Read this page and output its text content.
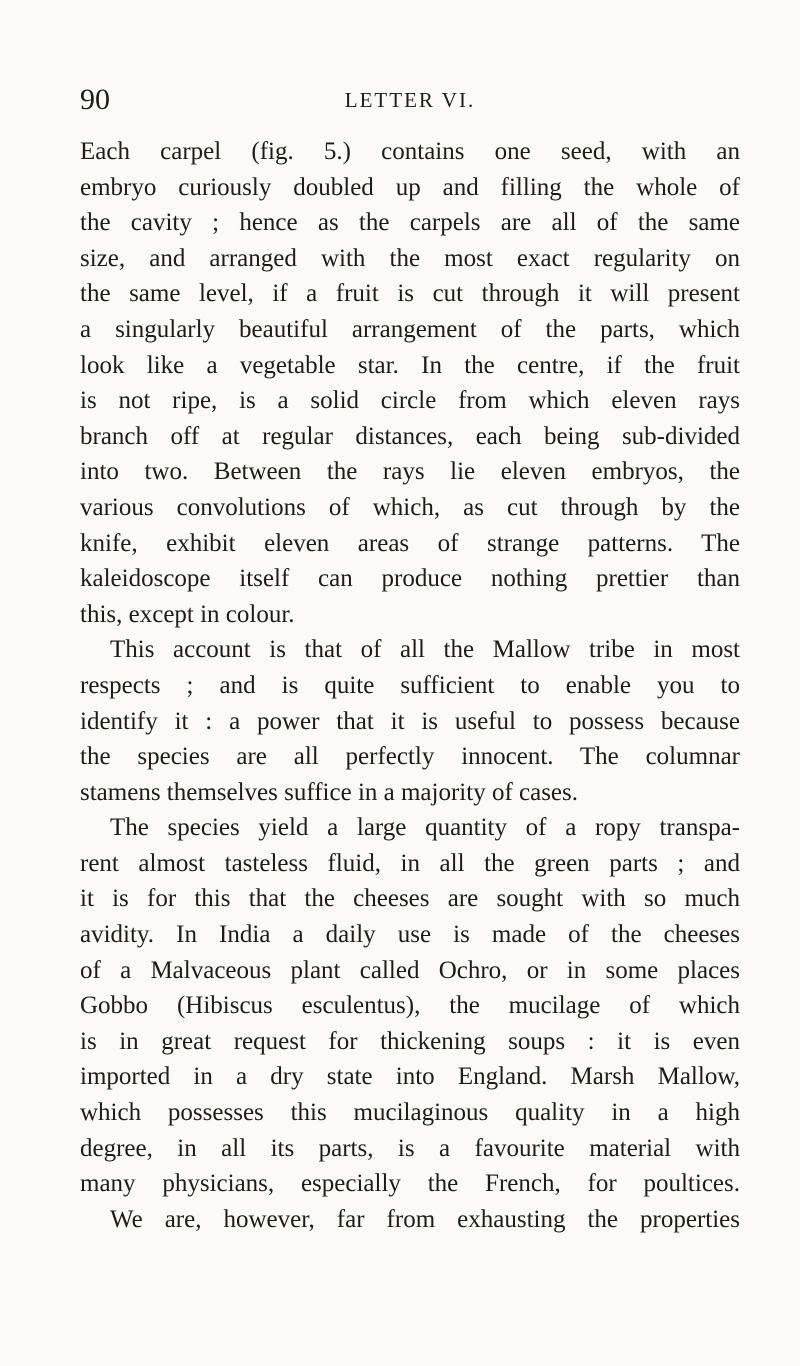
90	LETTER VI.
Each carpel (fig. 5.) contains one seed, with an
embryo curiously doubled up and filling the whole of
the cavity ; hence as the carpels are all of the same
size, and arranged with the most exact regularity on
the same level, if a fruit is cut through it will present
a singularly beautiful arrangement of the parts, which
look like a vegetable star. In the centre, if the fruit
is not ripe, is a solid circle from which eleven rays
branch off at regular distances, each being sub-divided
into two. Between the rays lie eleven embryos, the
various convolutions of which, as cut through by the
knife, exhibit eleven areas of strange patterns. The
kaleidoscope itself can produce nothing prettier than
this, except in colour.
This account is that of all the Mallow tribe in most
respects ; and is quite sufficient to enable you to
identify it : a power that it is useful to possess because
the species are all perfectly innocent. The columnar
stamens themselves suffice in a majority of cases.
The species yield a large quantity of a ropy transpa-
rent almost tasteless fluid, in all the green parts ; and
it is for this that the cheeses are sought with so much
avidity. In India a daily use is made of the cheeses
of a Malvaceous plant called Ochro, or in some places
Gobbo (Hibiscus esculentus), the mucilage of which
is in great request for thickening soups : it is even
imported in a dry state into England. Marsh Mallow,
which possesses this mucilaginous quality in a high
degree, in all its parts, is a favourite material with
many physicians, especially the French, for poultices.
We are, however, far from exhausting the properties
